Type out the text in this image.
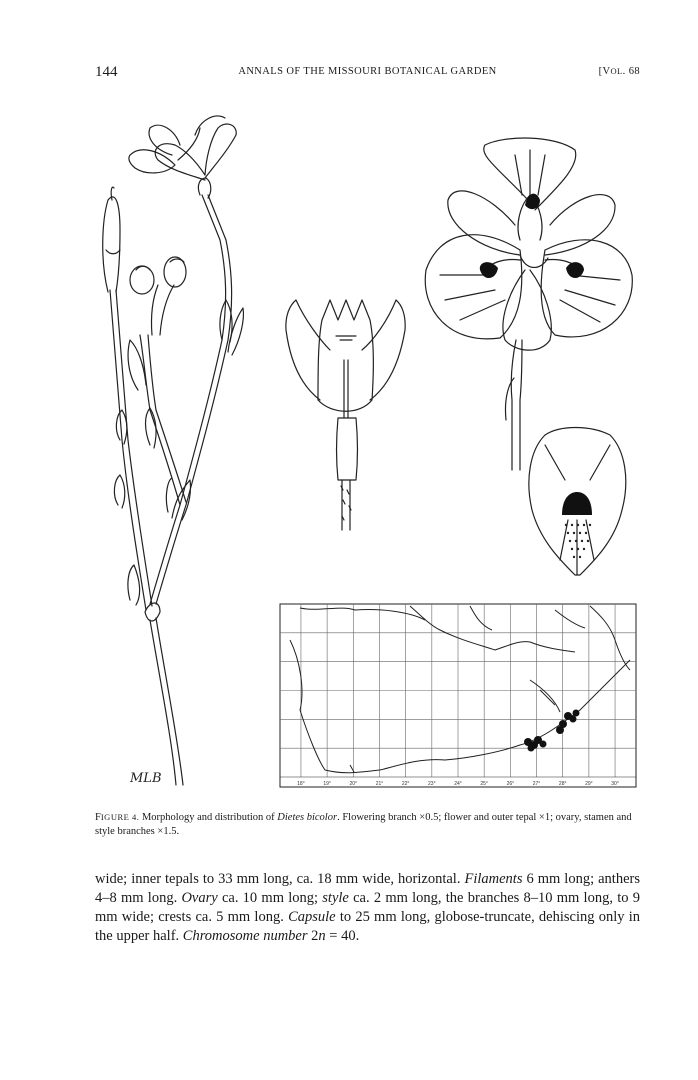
144	ANNALS OF THE MISSOURI BOTANICAL GARDEN	[VOL. 68
18°	19°	20°	21°	22°	23°	24°	25°	26°	27°	28°	29°	30°
MLB
FIGURE 4. Morphology and distribution of Dietes bicolor. Flowering branch ×0.5; flower and outer tepal ×1; ovary, stamen and style branches ×1.5.
wide; inner tepals to 33 mm long, ca. 18 mm wide, horizontal. Filaments 6 mm long; anthers 4–8 mm long. Ovary ca. 10 mm long; style ca. 2 mm long, the branches 8–10 mm long, to 9 mm wide; crests ca. 5 mm long. Capsule to 25 mm long, globose-truncate, dehiscing only in the upper half. Chromosome number 2n = 40.
